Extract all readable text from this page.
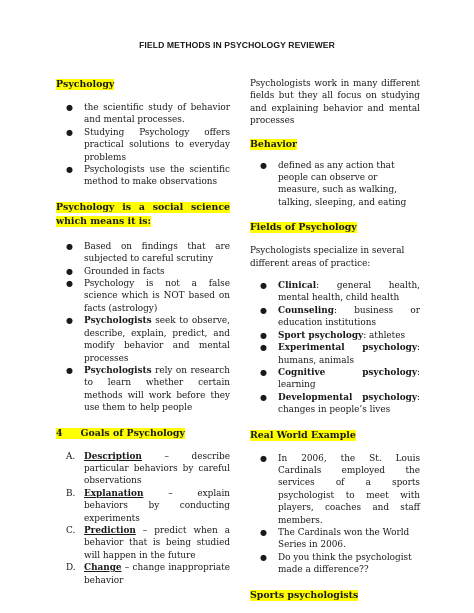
FIELD METHODS IN PSYCHOLOGY REVIEWER
Psychology
● the scientific study of behavior and mental processes.
● Studying Psychology offers practical solutions to everyday problems
● Psychologists use the scientific method to make observations
Psychology is a social science which means it is:
● Based on findings that are subjected to careful scrutiny
● Grounded in facts
● Psychology is not a false science which is NOT based on facts (astrology)
● Psychologists seek to observe, describe, explain, predict, and modify behavior and mental processes
● Psychologists rely on research to learn whether certain methods will work before they use them to help people
4 Goals of Psychology
A. Description – describe particular behaviors by careful observations
B. Explanation – explain behaviors by conducting experiments
C. Prediction – predict when a behavior that is being studied will happen in the future
D. Change – change inappropriate behavior

Psychologists work in many different fields but they all focus on studying and explaining behavior and mental processes

Behavior
● defined as any action that people can observe or measure, such as walking, talking, sleeping, and eating
Fields of Psychology

Psychologists specialize in several different areas of practice:

● Clinical: general health, mental health, child health
● Counseling: business or education institutions
● Sport psychology: athletes
● Experimental psychology: humans, animals
● Cognitive psychology: learning
● Developmental psychology: changes in people’s lives
Real World Example
● In 2006, the St. Louis Cardinals employed the services of a sports psychologist to meet with players, coaches and staff members.
● The Cardinals won the World Series in 2006.
● Do you think the psychologist made a difference??
Sports psychologists
